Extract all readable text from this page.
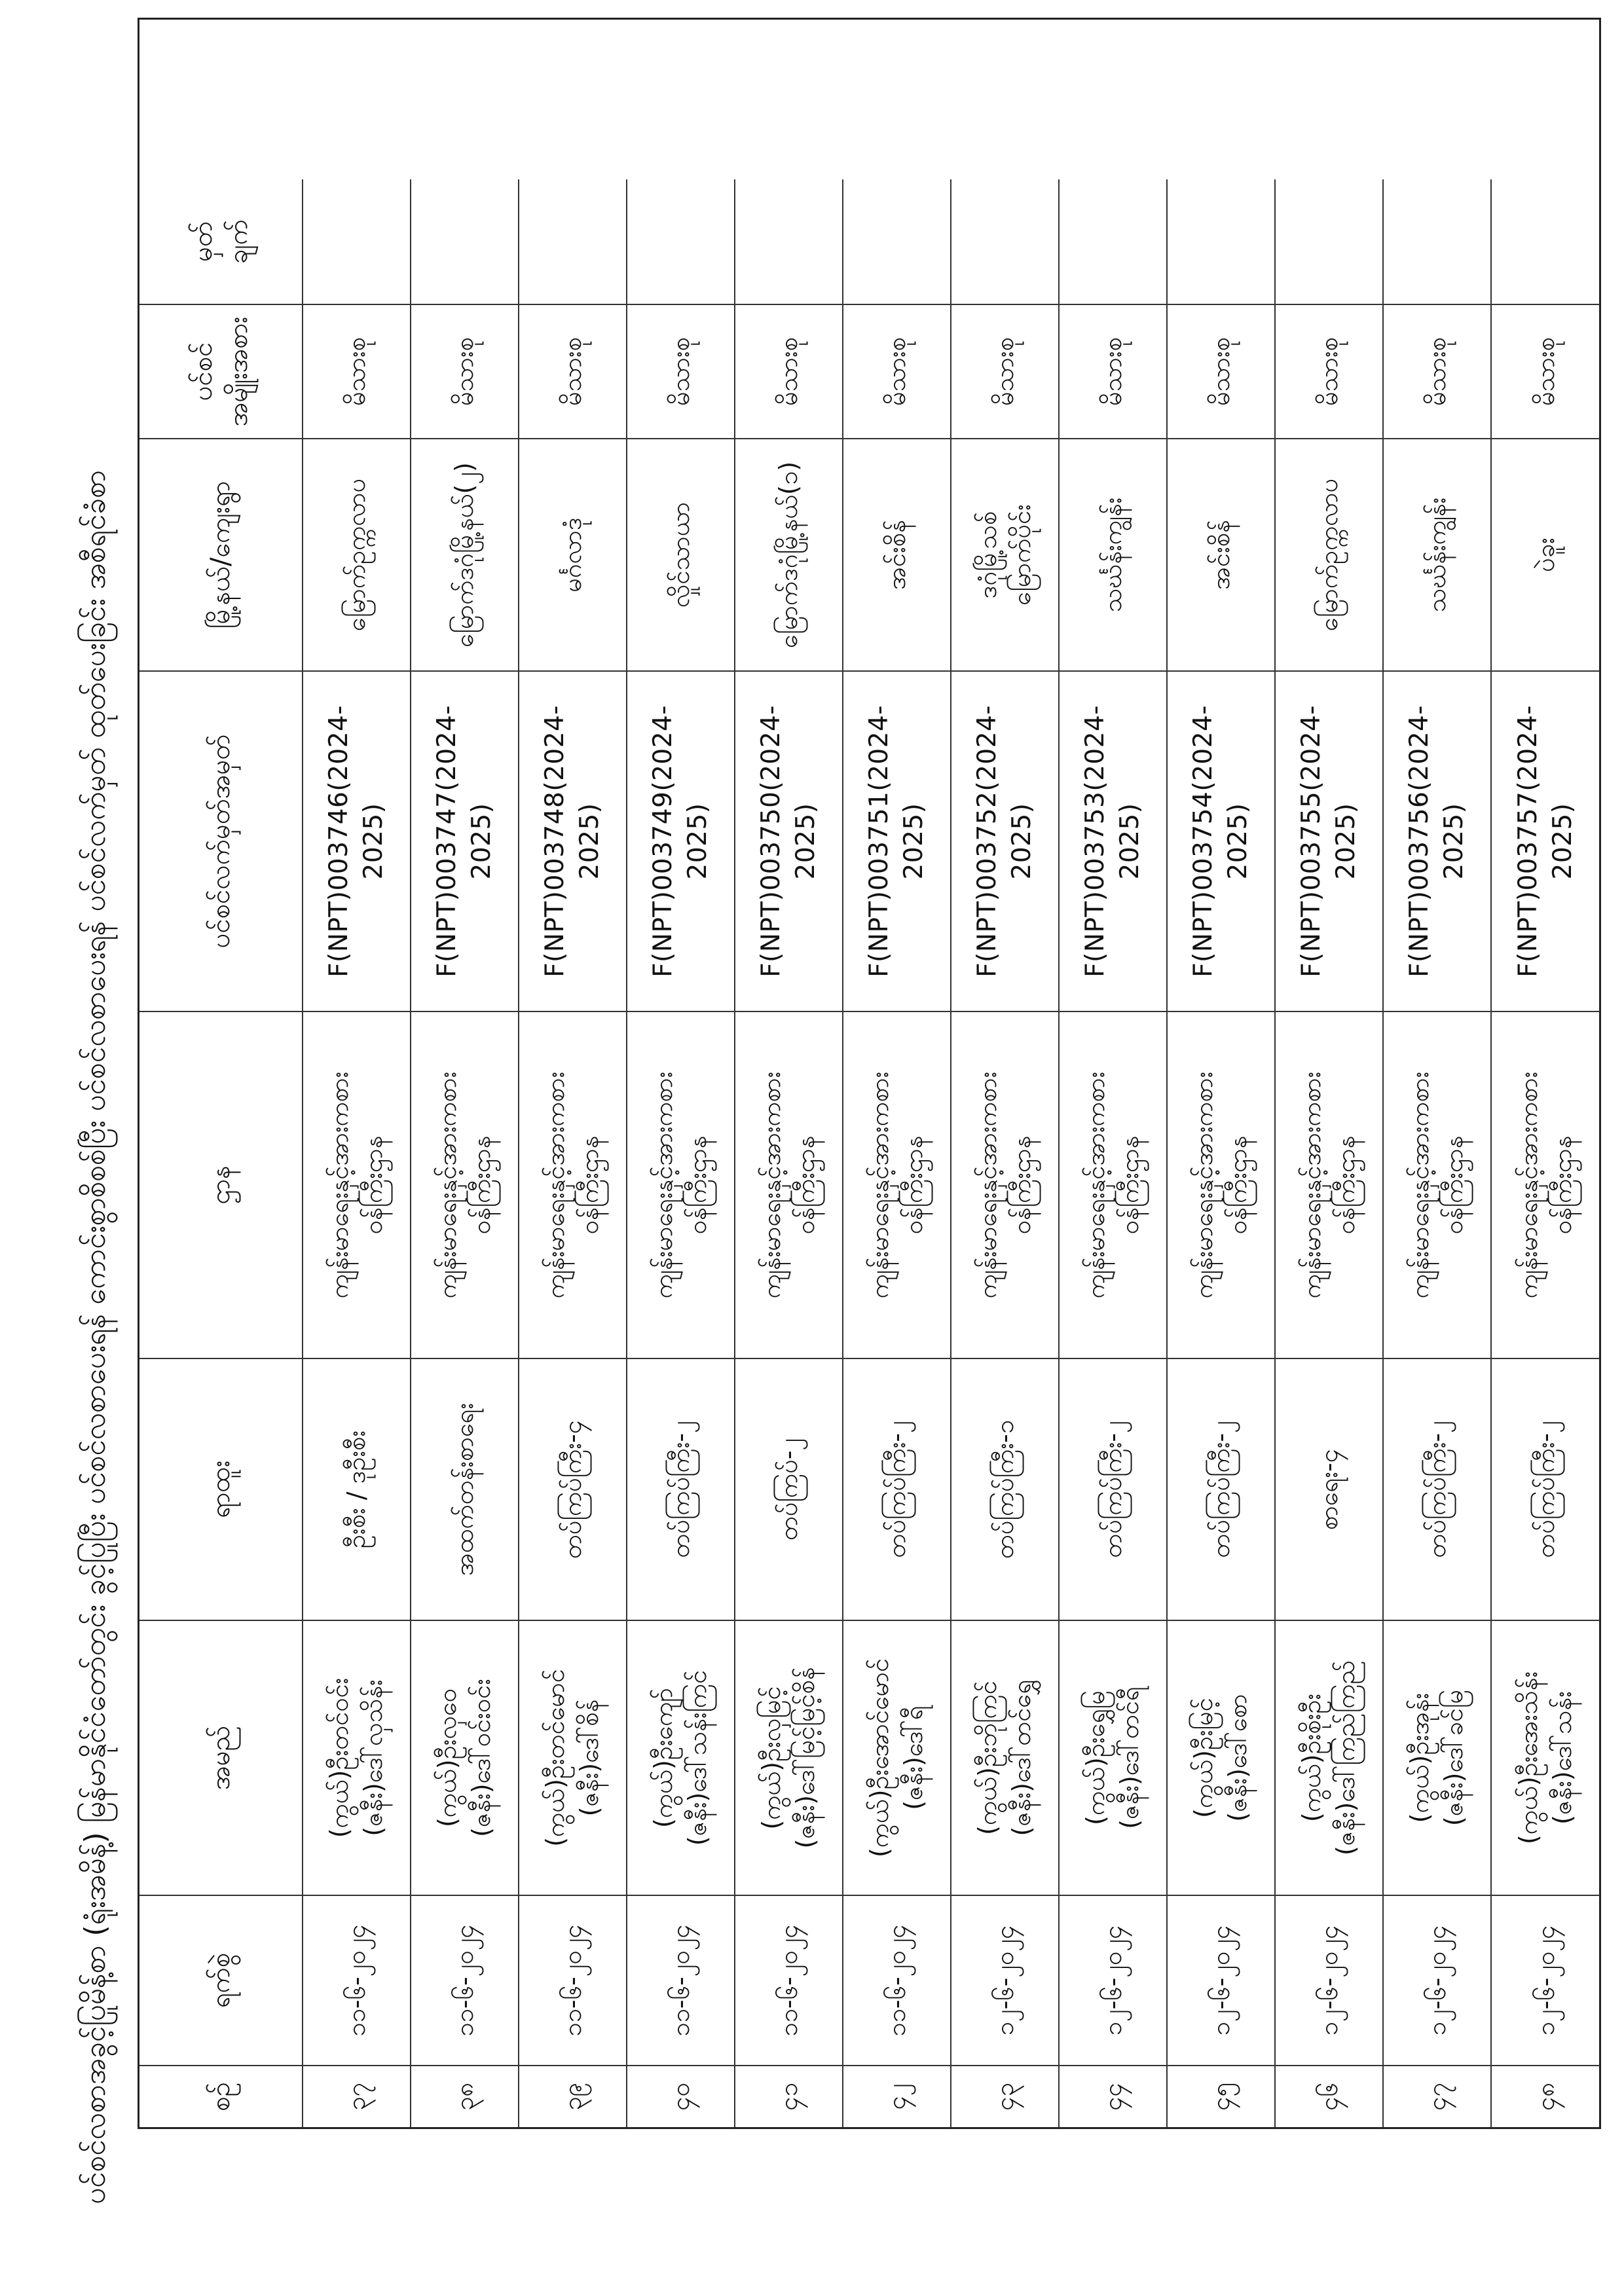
ပင်စင်လစာအခွင့်ပြုမိန့်စာ (ရုံးအမိန့်) မြန်မာနိုင်ငံတော်တွင်း ခွင့်ပြုပြီး ပင်စင်လစာပေးရန် ကောင်းစွာစိစစ်ပြီး ပင်စင်လစာပေးရန် ပင်စင်လက်မှတ် ထုတ်ပေးခြင်း အစီရင်ခံစာ	စဉ်
ရက်စွဲ
အမည်
ရာထူး
ဌာန
ပင်စင်လက်မှတ်အမှတ်
မြို့နယ်/ကျေးရွာ
ပင်စင်
အမျိုးအစား
မှတ်
ချက်
၃၇
၁၁-၆-၂၀၂၄
(ကွယ်)ဦးတင်ဝင်း
(ဇနီး)ဒေါ်လှသိန်း
ဦးစီး / ဒုဦးစီး
ကျန်းမာရေးနှင့်အားကစား
ဝန်ကြီးဌာန
F(NPT)003746(2024-2025)
မြောက်ဥက္ကလာပ
မိသားစု
၃၈
၁၁-၆-၂၀၂၄
(ကွယ်)ဦးလှဝေ
(ဇနီး)ဒေါ်ဝင်းဝင်း
အထက်တန်းစာရေး
ကျန်းမာရေးနှင့်အားကစား
ဝန်ကြီးဌာန
F(NPT)003747(2024-2025)
မြောက်ဒဂုံမြို့နယ်(၂)
မိသားစု
၃၉
၁၁-၆-၂၀၂၄
(ကွယ်)ဦးတင်မောင်
(ဇနီး)ဒေါ်စိန်
တပ်ကြပ်ကြီး-၄
ကျန်းမာရေးနှင့်အားကစား
ဝန်ကြီးဌာန
F(NPT)003748(2024-2025)
မင်္ဂလာဒုံ
မိသားစု
၄၀
၁၁-၆-၂၀၂၄
(ကွယ်)ဦးကျော်
(ဇနီး)ဒေါ်သန်းကြင်
တပ်ကြပ်ကြီး-၂
ကျန်းမာရေးနှင့်အားကစား
ဝန်ကြီးဌာန
F(NPT)003749(2024-2025)
လှိုင်သာယာ
မိသားစု
၄၁
၁၁-၆-၂၀၂၄
(ကွယ်)ဦးလှမြင့်
(ဇနီး)ဒေါ်မြင့်မြင့်စိန်
တပ်ကြပ်-၂
ကျန်းမာရေးနှင့်အားကစား
ဝန်ကြီးဌာန
F(NPT)003750(2024-2025)
မြောက်ဒဂုံမြို့နယ်(၁)
မိသားစု
၄၂
၁၁-၆-၂၀၂၄
(ကွယ်)ဦးအောင်မောင်
(ဇနီး)ဒေါ်ရီ
တပ်ကြပ်ကြီး-၂
ကျန်းမာရေးနှင့်အားကစား
ဝန်ကြီးဌာန
F(NPT)003751(2024-2025)
အင်းစိန်
မိသားစု
၄၃
၁၂-၆-၂၀၂၄
(ကွယ်)ဦးဘိုကြင်
(ဇနီး)ဒေါ်တင်ရွှေ
တပ်ကြပ်ကြီး-၁
ကျန်းမာရေးနှင့်အားကစား
ဝန်ကြီးဌာန
F(NPT)003752(2024-2025)
ဒဂုံမြို့သစ်
မြောက်ပိုင်း
မိသားစု
၄၄
၁၂-၆-၂၀၂၄
(ကွယ်)ဦးရွှေမြ
(ဇနီး)ဒေါ်တင်ရီ
တပ်ကြပ်ကြီး-၂
ကျန်းမာရေးနှင့်အားကစား
ဝန်ကြီးဌာန
F(NPT)003753(2024-2025)
သင်္ဃန်းကျွန်း
မိသားစု
၄၅
၁၂-၆-၂၀၂၄
(ကွယ်)ဦးမြင့်
(ဇနီး)ဒေါ်စော
တပ်ကြပ်ကြီး-၂
ကျန်းမာရေးနှင့်အားကစား
ဝန်ကြီးဌာန
F(NPT)003754(2024-2025)
အင်းစိန်
မိသားစု
၄၆
၁၂-၆-၂၀၂၄
(ကွယ်)ဦးစိုးဦး
(ဇနီး)ဒေါ်ကြည်ကြည်
စာရေး-၄
ကျန်းမာရေးနှင့်အားကစား
ဝန်ကြီးဌာန
F(NPT)003755(2024-2025)
မြောက်ဥက္ကလာပ
မိသားစု
၄၇
၁၂-၆-၂၀၂၄
(ကွယ်)ဦးအုန်း
(ဇနီး)ဒေါ်ခင်မြ
တပ်ကြပ်ကြီး-၂
ကျန်းမာရေးနှင့်အားကစား
ဝန်ကြီးဌာန
F(NPT)003756(2024-2025)
သင်္ဃန်းကျွန်း
မိသားစု
၄၈
၁၂-၆-၂၀၂၄
(ကွယ်)ဦးအေးသိန်း
(ဇနီး)ဒေါ်သန်း
တပ်ကြပ်ကြီး-၂
ကျန်းမာရေးနှင့်အားကစား
ဝန်ကြီးဌာန
F(NPT)003757(2024-2025)
ပဲခူး
မိသားစု
